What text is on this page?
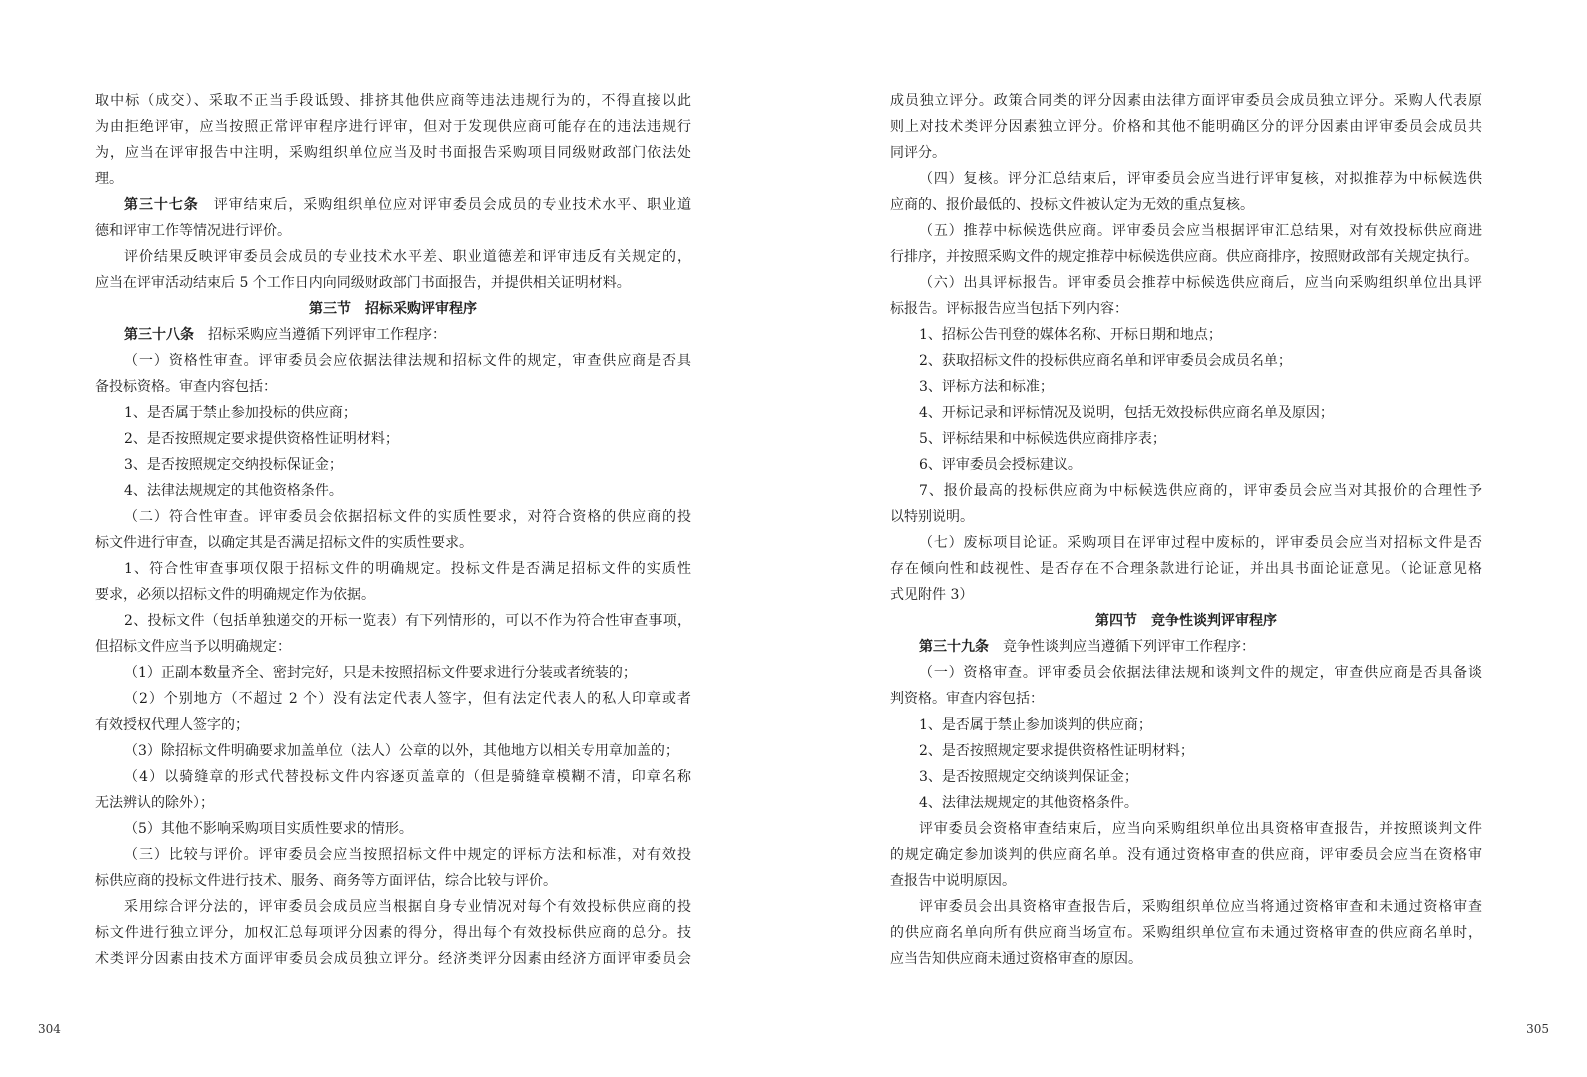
取中标（成交）、采取不正当手段诋毁、排挤其他供应商等违法违规行为的，不得直接以此
为由拒绝评审，应当按照正常评审程序进行评审，但对于发现供应商可能存在的违法违规行
为，应当在评审报告中注明，采购组织单位应当及时书面报告采购项目同级财政部门依法处
理。
第三十七条　 评审结束后，采购组织单位应对评审委员会成员的专业技术水平、职业道
德和评审工作等情况进行评价。
评价结果反映评审委员会成员的专业技术水平差、职业道德差和评审违反有关规定的，
应当在评审活动结束后 5 个工作日内向同级财政部门书面报告，并提供相关证明材料。
第三节　招标采购评审程序
第三十八条　 招标采购应当遵循下列评审工作程序：
（一）资格性审查。评审委员会应依据法律法规和招标文件的规定，审查供应商是否具
备投标资格。审查内容包括：
1、是否属于禁止参加投标的供应商；
2、是否按照规定要求提供资格性证明材料；
3、是否按照规定交纳投标保证金；
4、法律法规规定的其他资格条件。
（二）符合性审查。评审委员会依据招标文件的实质性要求，对符合资格的供应商的投
标文件进行审查，以确定其是否满足招标文件的实质性要求。
1、符合性审查事项仅限于招标文件的明确规定。投标文件是否满足招标文件的实质性
要求，必须以招标文件的明确规定作为依据。
2、投标文件（包括单独递交的开标一览表）有下列情形的，可以不作为符合性审查事项，
但招标文件应当予以明确规定：
（1）正副本数量齐全、密封完好，只是未按照招标文件要求进行分装或者统装的；
（2）个别地方（不超过 2 个）没有法定代表人签字，但有法定代表人的私人印章或者
有效授权代理人签字的；
（3）除招标文件明确要求加盖单位（法人）公章的以外，其他地方以相关专用章加盖的；
（4）以骑缝章的形式代替投标文件内容逐页盖章的（但是骑缝章模糊不清，印章名称
无法辨认的除外）；
（5）其他不影响采购项目实质性要求的情形。
（三）比较与评价。评审委员会应当按照招标文件中规定的评标方法和标准，对有效投
标供应商的投标文件进行技术、服务、商务等方面评估，综合比较与评价。
采用综合评分法的，评审委员会成员应当根据自身专业情况对每个有效投标供应商的投
标文件进行独立评分，加权汇总每项评分因素的得分，得出每个有效投标供应商的总分。技
术类评分因素由技术方面评审委员会成员独立评分。经济类评分因素由经济方面评审委员会
304
成员独立评分。政策合同类的评分因素由法律方面评审委员会成员独立评分。采购人代表原
则上对技术类评分因素独立评分。价格和其他不能明确区分的评分因素由评审委员会成员共
同评分。
（四）复核。评分汇总结束后，评审委员会应当进行评审复核，对拟推荐为中标候选供
应商的、报价最低的、投标文件被认定为无效的重点复核。
（五）推荐中标候选供应商。评审委员会应当根据评审汇总结果，对有效投标供应商进
行排序，并按照采购文件的规定推荐中标候选供应商。供应商排序，按照财政部有关规定执行。
（六）出具评标报告。评审委员会推荐中标候选供应商后，应当向采购组织单位出具评
标报告。评标报告应当包括下列内容：
1、招标公告刊登的媒体名称、开标日期和地点；
2、获取招标文件的投标供应商名单和评审委员会成员名单；
3、评标方法和标准；
4、开标记录和评标情况及说明，包括无效投标供应商名单及原因；
5、评标结果和中标候选供应商排序表；
6、评审委员会授标建议。
7、报价最高的投标供应商为中标候选供应商的，评审委员会应当对其报价的合理性予
以特别说明。
（七）废标项目论证。采购项目在评审过程中废标的，评审委员会应当对招标文件是否
存在倾向性和歧视性、是否存在不合理条款进行论证，并出具书面论证意见。（论证意见格
式见附件 3）
第四节　竞争性谈判评审程序
第三十九条　 竞争性谈判应当遵循下列评审工作程序：
（一）资格审查。评审委员会依据法律法规和谈判文件的规定，审查供应商是否具备谈
判资格。审查内容包括：
1、是否属于禁止参加谈判的供应商；
2、是否按照规定要求提供资格性证明材料；
3、是否按照规定交纳谈判保证金；
4、法律法规规定的其他资格条件。
评审委员会资格审查结束后，应当向采购组织单位出具资格审查报告，并按照谈判文件
的规定确定参加谈判的供应商名单。没有通过资格审查的供应商，评审委员会应当在资格审
查报告中说明原因。
评审委员会出具资格审查报告后，采购组织单位应当将通过资格审查和未通过资格审查
的供应商名单向所有供应商当场宣布。采购组织单位宣布未通过资格审查的供应商名单时，
应当告知供应商未通过资格审查的原因。
305
